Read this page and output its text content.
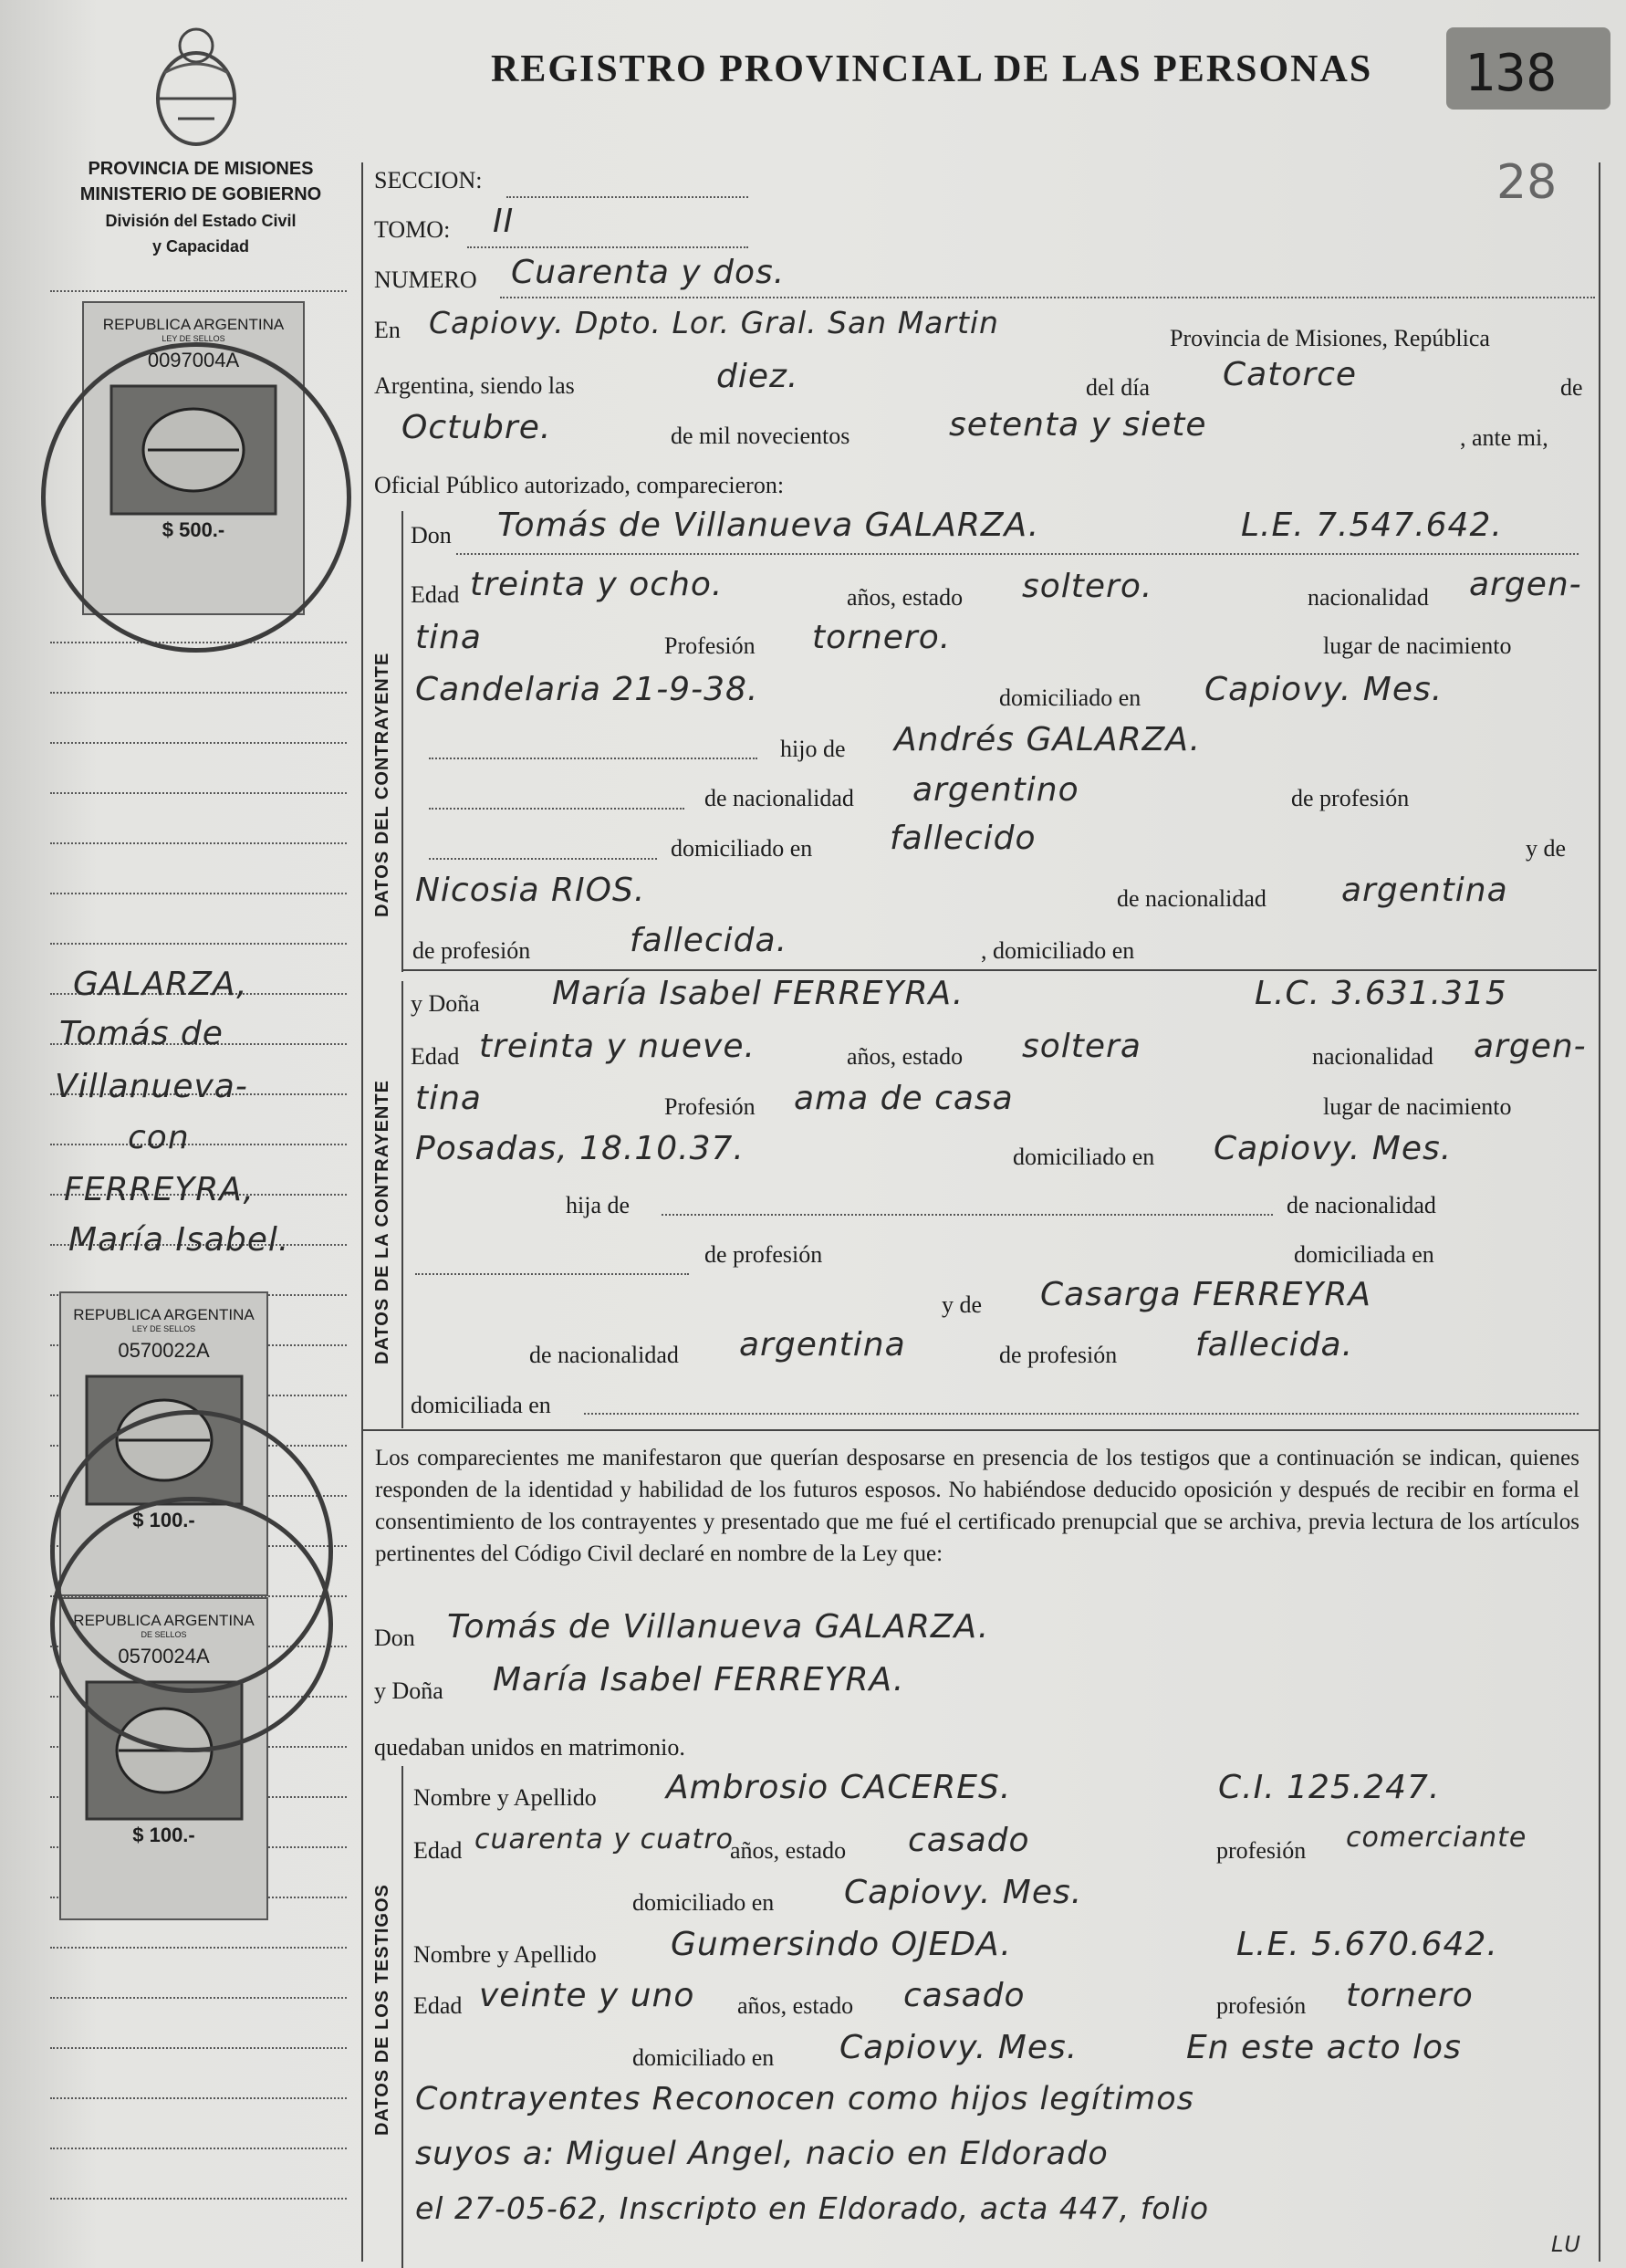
REGISTRO PROVINCIAL DE LAS PERSONAS 138
28
PROVINCIA DE MISIONES
MINISTERIO DE GOBIERNO
División del Estado Civil
y Capacidad
SECCION:
TOMO: II
NUMERO Cuarenta y dos.
En Capiovy. Dpto. Lor. Gral. San Martin	Provincia de Misiones, República
Argentina, siendo las	diez.	del día Catorce	de
Octubre.	de mil novecientos	setenta y siete	, ante mi,
Oficial Público autorizado, comparecieron:
DATOS DEL CONTRAYENTE
Don Tomás de Villanueva GALARZA.	L.E. 7.547.642.
Edad treinta y ocho.	años, estado soltero.	nacionalidad argen-
tina	Profesión tornero.	lugar de nacimiento
Candelaria 21-9-38.	domiciliado en Capiovy. Mes.
hijo de Andrés GALARZA.
de nacionalidad argentino	de profesión
domiciliado en fallecido	y de
Nicosia RIOS.	de nacionalidad argentina
de profesión	fallecida.	, domiciliado en
DATOS DE LA CONTRAYENTE
y Doña María Isabel FERREYRA.	L.C. 3.631.315
Edad treinta y nueve.	años, estado soltera	nacionalidad argen-
tina	Profesión ama de casa	lugar de nacimiento
Posadas, 18.10.37.	domiciliado en Capiovy. Mes.
hija de	de nacionalidad
de profesión	domiciliada en
y de Casarga FERREYRA
de nacionalidad argentina	de profesión fallecida.
domiciliada en
Los comparecientes me manifestaron que querían desposarse en presencia de los testigos que a continuación se indican, quienes responden de la identidad y habilidad de los futuros esposos. No habiéndose deducido oposición y después de recibir en forma el consentimiento de los contrayentes y presentado que me fué el certificado prenupcial que se archiva, previa lectura de los artículos pertinentes del Código Civil declaré en nombre de la Ley que:
Don Tomás de Villanueva GALARZA.
y Doña María Isabel FERREYRA.
quedaban unidos en matrimonio.
DATOS DE LOS TESTIGOS
Nombre y Apellido Ambrosio CACERES.	C.I. 125.247.
Edad cuarenta y cuatro
años, estado casado	profesión comerciante
domiciliado en Capiovy. Mes.
Nombre y Apellido Gumersindo OJEDA.	L.E. 5.670.642.
Edad veinte y uno años, estado casado	profesión tornero
domiciliado en Capiovy. Mes.	En este acto los
Contrayentes Reconocen como hijos legítimos
suyos a: Miguel Angel, nacio en Eldorado
el 27-05-62, Inscripto en Eldorado, acta 447, folio
LU
GALARZA,
Tomás de
Villanueva-
con
FERREYRA,
María Isabel.
REPUBLICA ARGENTINA
LEY DE SELLOS
0097004A
$ 500.-
REPUBLICA ARGENTINA
LEY DE SELLOS
0570022A
$ 100.-
REPUBLICA ARGENTINA
DE SELLOS
0570024A
$ 100.-
